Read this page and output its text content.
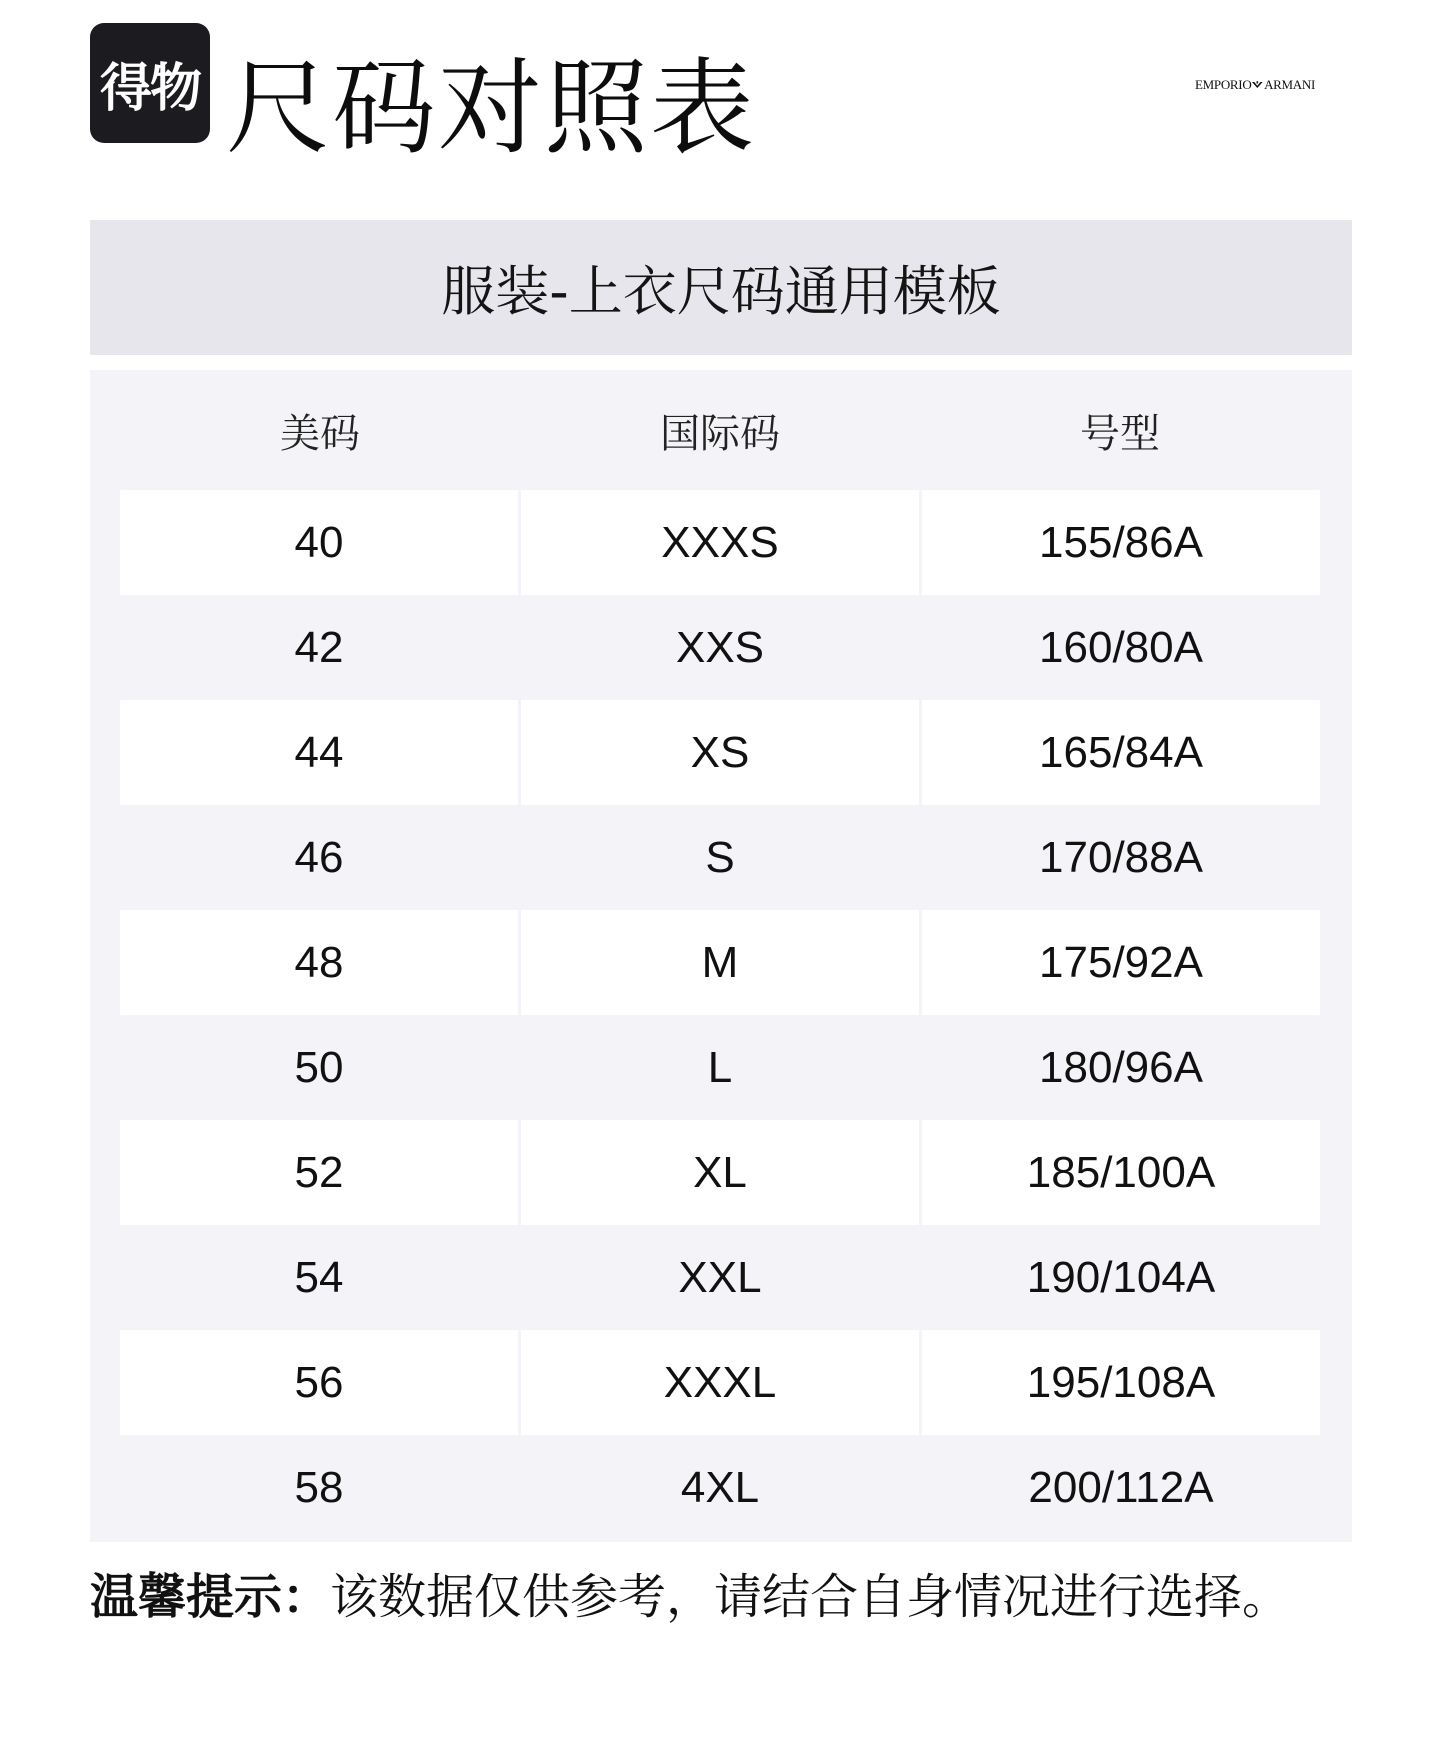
得物 尺码对照表	EMPORIO ARMANI
服装-上衣尺码通用模板
美码	国际码	号型
40	XXXS	155/86A
42	XXS	160/80A
44	XS	165/84A
46	S	170/88A
48	M	175/92A
50	L	180/96A
52	XL	185/100A
54	XXL	190/104A
56	XXXL	195/108A
58	4XL	200/112A
温馨提示：该数据仅供参考，请结合自身情况进行选择。
